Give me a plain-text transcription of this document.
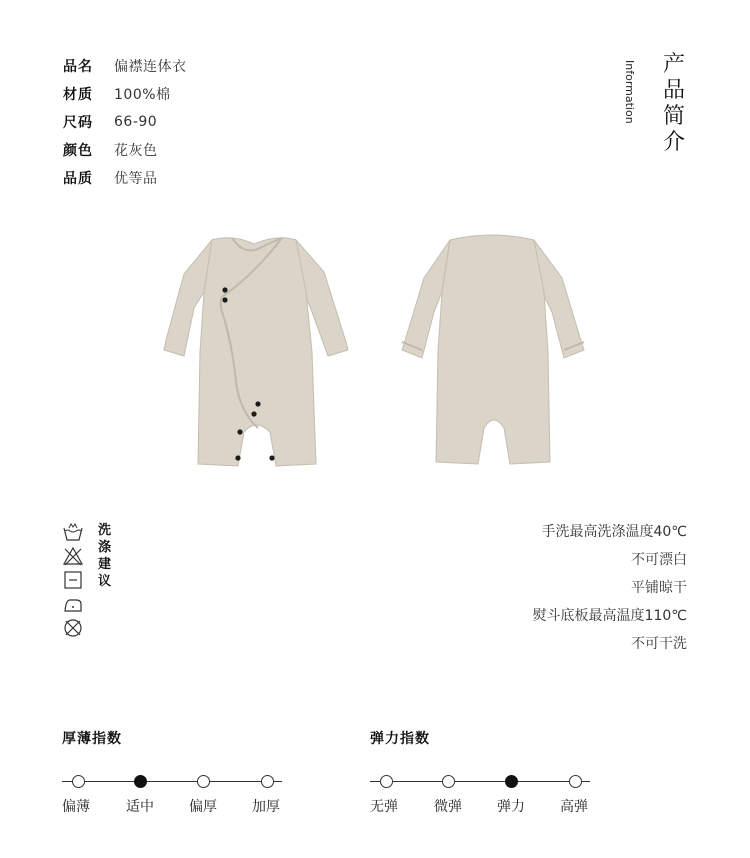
品名	偏襟连体衣
材质	100%棉
尺码	66-90
颜色	花灰色
品质	优等品
Information 产
品
简
介
洗
涤
建
议
手洗最高洗涤温度40℃
不可漂白
平铺晾干
熨斗底板最高温度110℃
不可干洗
厚薄指数
偏薄	适中	偏厚	加厚
弹力指数
无弹	微弹	弹力	高弹
